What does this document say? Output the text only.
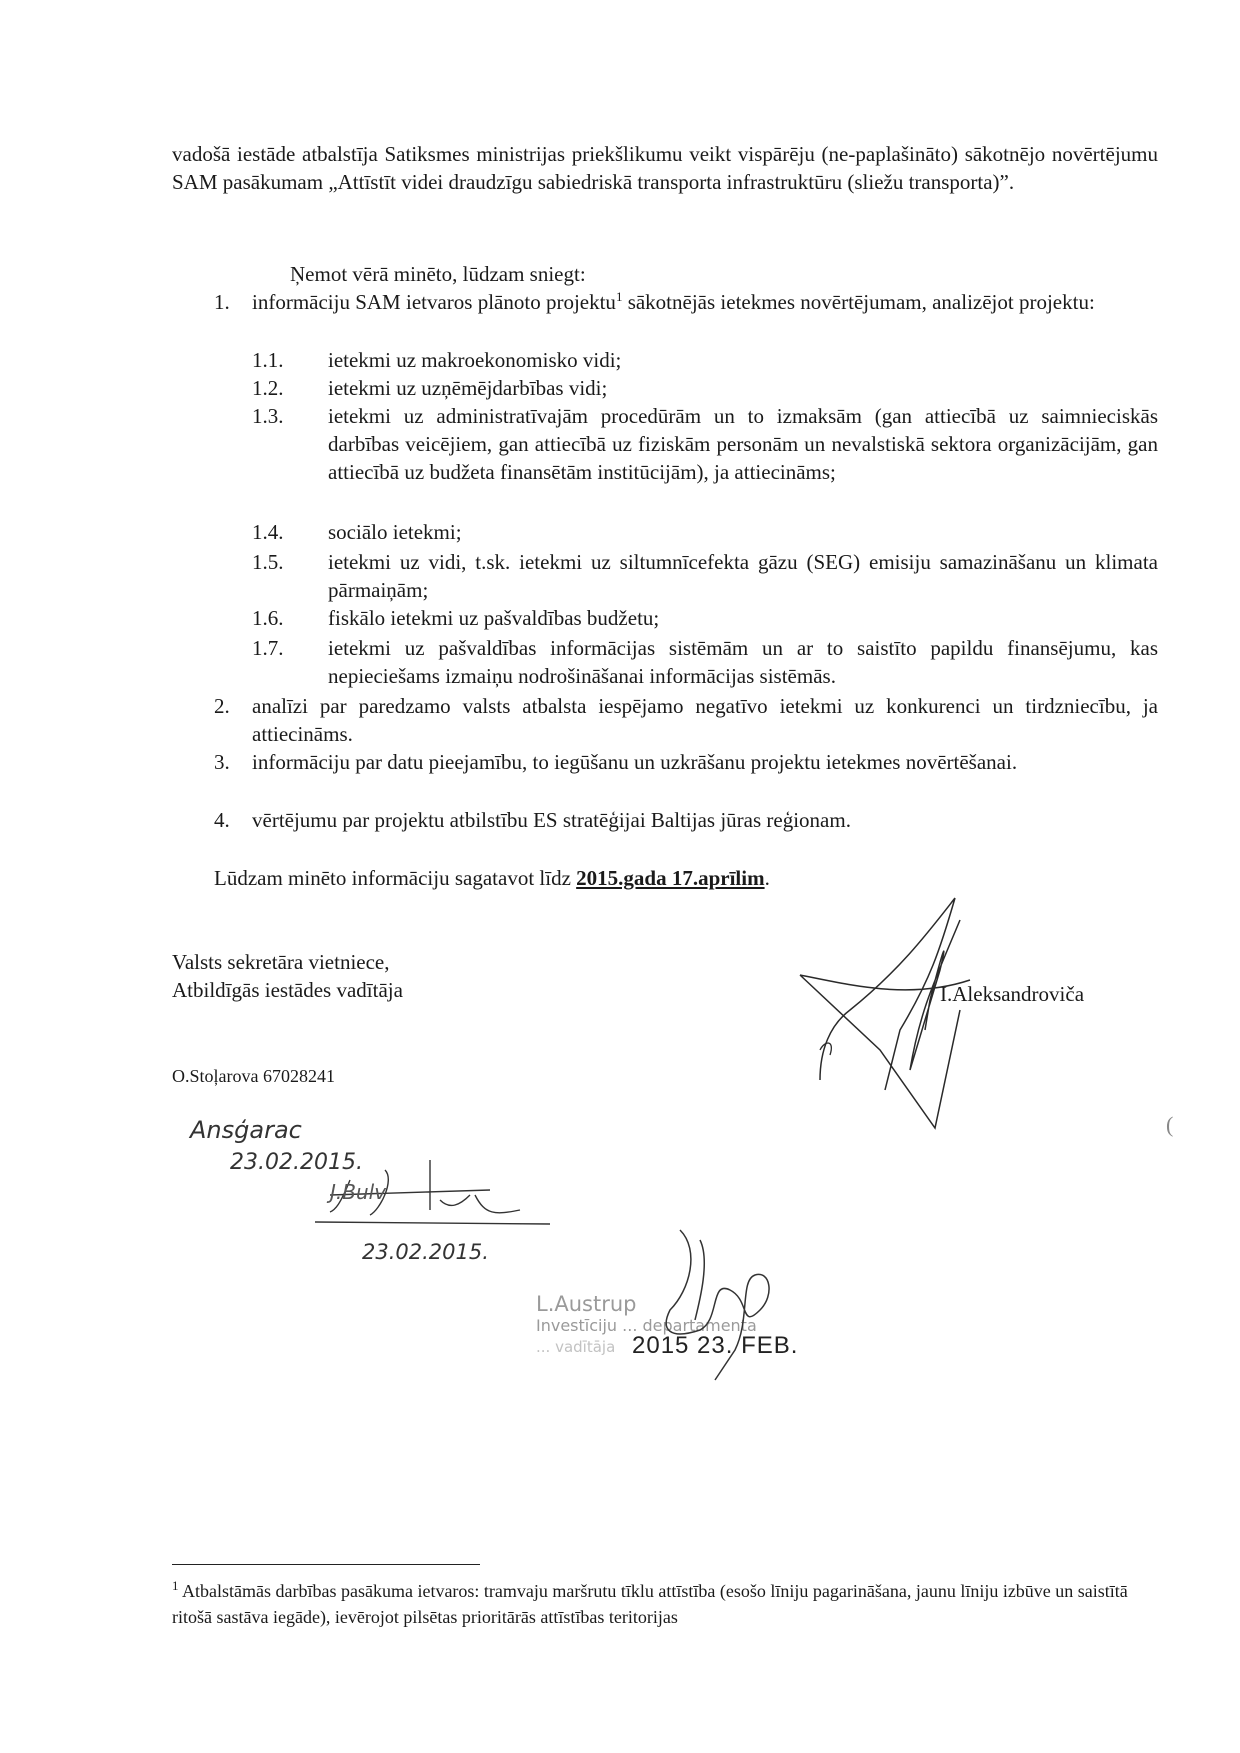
vadošā iestāde atbalstīja Satiksmes ministrijas priekšlikumu veikt vispārēju (ne-paplašināto) sākotnējo novērtējumu SAM pasākumam „Attīstīt videi draudzīgu sabiedriskā transporta infrastruktūru (sliežu transporta)”.
Ņemot vērā minēto, lūdzam sniegt:
1. informāciju SAM ietvaros plānoto projektu$^1$ sākotnējās ietekmes novērtējumam, analizējot projektu:
1.1. ietekmi uz makroekonomisko vidi;
1.2. ietekmi uz uzņēmējdarbības vidi;
1.3. ietekmi uz administratīvajām procedūrām un to izmaksām (gan attiecībā uz saimnieciskās darbības veicējiem, gan attiecībā uz fiziskām personām un nevalstiskā sektora organizācijām, gan attiecībā uz budžeta finansētām institūcijām), ja attiecināms;
1.4. sociālo ietekmi;
1.5. ietekmi uz vidi, t.sk. ietekmi uz siltumnīcefekta gāzu (SEG) emisiju samazināšanu un klimata pārmaiņām;
1.6. fiskālo ietekmi uz pašvaldības budžetu;
1.7. ietekmi uz pašvaldības informācijas sistēmām un ar to saistīto papildu finansējumu, kas nepieciešams izmaiņu nodrošināšanai informācijas sistēmās.
2. analīzi par paredzamo valsts atbalsta iespējamo negatīvo ietekmi uz konkurenci un tirdzniecību, ja attiecināms.
3. informāciju par datu pieejamību, to iegūšanu un uzkrāšanu projektu ietekmes novērtēšanai.
4. vērtējumu par projektu atbilstību ES stratēģijai Baltijas jūras reģionam.
Lūdzam minēto informāciju sagatavot līdz 2015.gada 17.aprīlim.
Valsts sekretāra vietniece,
Atbildīgās iestādes vadītāja	I.Aleksandroviča
O.Stoļarova 67028241
Ansģarac
23.02.2015.
J.Bulv
23.02.2015.
L.Austrup
Investīciju ... departamenta
... vadītāja 2015 23. FEB.
(
$^1$ Atbalstāmās darbības pasākuma ietvaros: tramvaju maršrutu tīklu attīstība (esošo līniju pagarināšana, jaunu līniju izbūve un saistītā ritošā sastāva iegāde), ievērojot pilsētas prioritārās attīstības teritorijas
